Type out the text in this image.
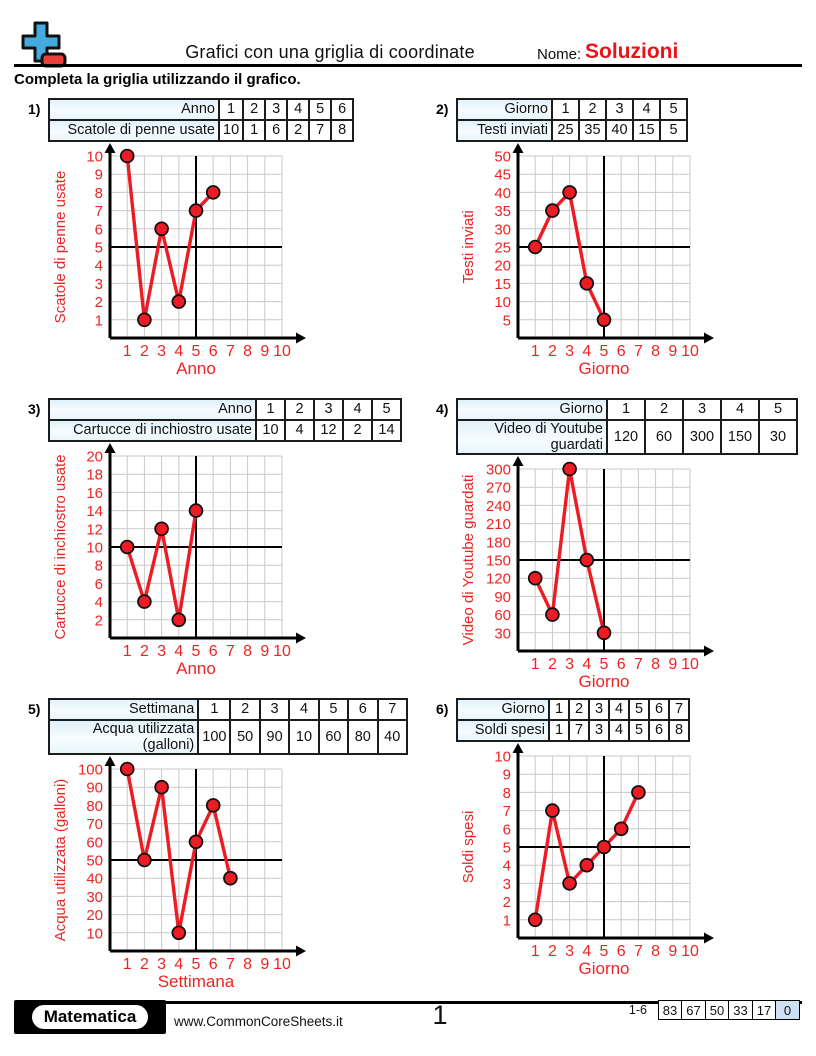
Grafici con una griglia di coordinate	Nome: Soluzioni
Completa la griglia utilizzando il grafico.
1)	Anno	1	2	3	4	5	6
Scatole di penne usate	10	1	6	2	7	8
1
2
3
4
5
6
7
8
9
10
1 2 3 4 5 6 7 8 9 10
Scatole di penne usate
Anno
2)	Giorno	1	2	3	4	5
Testi inviati	25	35	40	15	5
5
10
15
20
25
30
35
40
45
50
1 2 3 4 5 6 7 8 9 10
Testi inviati
Giorno
3)	Anno	1	2	3	4	5
Cartucce di inchiostro usate	10	4	12	2	14
2
4
6
8
10
12
14
16
18
20
1 2 3 4 5 6 7 8 9 10
Cartucce di inchiostro usate
Anno
4)	Giorno	1	2	3	4	5
Video di Youtube guardati	120	60	300	150	30
30
60
90
120
150
180
210
240
270
300
1 2 3 4 5 6 7 8 9 10
Video di Youtube guardati
Giorno
5)	Settimana	1	2	3	4	5	6	7
Acqua utilizzata (galloni)	100	50	90	10	60	80	40
10
20
30
40
50
60
70
80
90
100
1 2 3 4 5 6 7 8 9 10
Acqua utilizzata (galloni)
Settimana
6)	Giorno	1	2	3	4	5	6	7
Soldi spesi	1	7	3	4	5	6	8
1
2
3
4
5
6
7
8
9
10
1 2 3 4 5 6 7 8 9 10
Soldi spesi
Giorno
Matematica	www.CommonCoreSheets.it	1	1-6	83 67 50 33 17 0
